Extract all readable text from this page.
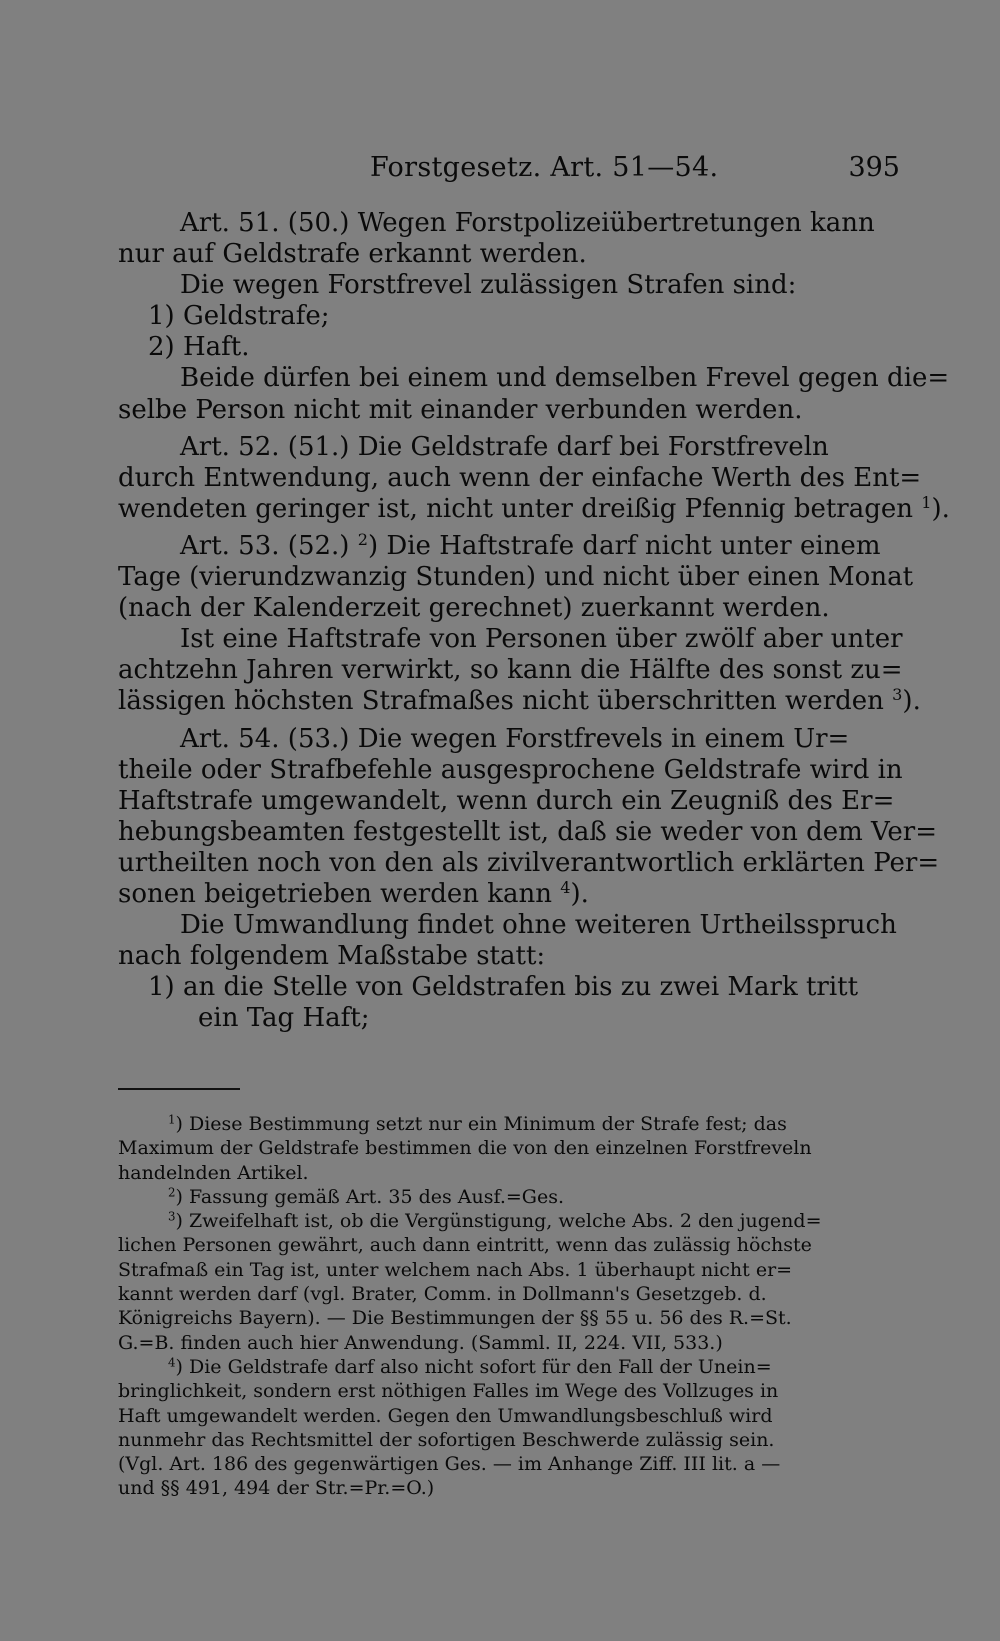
Forstgesetz. Art. 51—54.	395
Art. 51. (50.) Wegen Forstpolizeiübertretungen kann
nur auf Geldstrafe erkannt werden.
Die wegen Forstfrevel zulässigen Strafen sind:
1) Geldstrafe;
2) Haft.
Beide dürfen bei einem und demselben Frevel gegen die=
selbe Person nicht mit einander verbunden werden.
Art. 52. (51.) Die Geldstrafe darf bei Forstfreveln
durch Entwendung, auch wenn der einfache Werth des Ent=
wendeten geringer ist, nicht unter dreißig Pfennig betragen $^1$).
Art. 53. (52.) $^2$) Die Haftstrafe darf nicht unter einem
Tage (vierundzwanzig Stunden) und nicht über einen Monat
(nach der Kalenderzeit gerechnet) zuerkannt werden.
Ist eine Haftstrafe von Personen über zwölf aber unter
achtzehn Jahren verwirkt, so kann die Hälfte des sonst zu=
lässigen höchsten Strafmaßes nicht überschritten werden $^3$).
Art. 54. (53.) Die wegen Forstfrevels in einem Ur=
theile oder Strafbefehle ausgesprochene Geldstrafe wird in
Haftstrafe umgewandelt, wenn durch ein Zeugniß des Er=
hebungsbeamten festgestellt ist, daß sie weder von dem Ver=
urtheilten noch von den als zivilverantwortlich erklärten Per=
sonen beigetrieben werden kann $^4$).
Die Umwandlung findet ohne weiteren Urtheilsspruch
nach folgendem Maßstabe statt:
1) an die Stelle von Geldstrafen bis zu zwei Mark tritt
ein Tag Haft;
$^1$) Diese Bestimmung setzt nur ein Minimum der Strafe fest; das
Maximum der Geldstrafe bestimmen die von den einzelnen Forstfreveln
handelnden Artikel.
$^2$) Fassung gemäß Art. 35 des Ausf.=Ges.
$^3$) Zweifelhaft ist, ob die Vergünstigung, welche Abs. 2 den jugend=
lichen Personen gewährt, auch dann eintritt, wenn das zulässig höchste
Strafmaß ein Tag ist, unter welchem nach Abs. 1 überhaupt nicht er=
kannt werden darf (vgl. Brater, Comm. in Dollmann's Gesetzgeb. d.
Königreichs Bayern). — Die Bestimmungen der §§ 55 u. 56 des R.=St.
G.=B. finden auch hier Anwendung. (Samml. II, 224. VII, 533.)
$^4$) Die Geldstrafe darf also nicht sofort für den Fall der Unein=
bringlichkeit, sondern erst nöthigen Falles im Wege des Vollzuges in
Haft umgewandelt werden. Gegen den Umwandlungsbeschluß wird
nunmehr das Rechtsmittel der sofortigen Beschwerde zulässig sein.
(Vgl. Art. 186 des gegenwärtigen Ges. — im Anhange Ziff. III lit. a —
und §§ 491, 494 der Str.=Pr.=O.)
